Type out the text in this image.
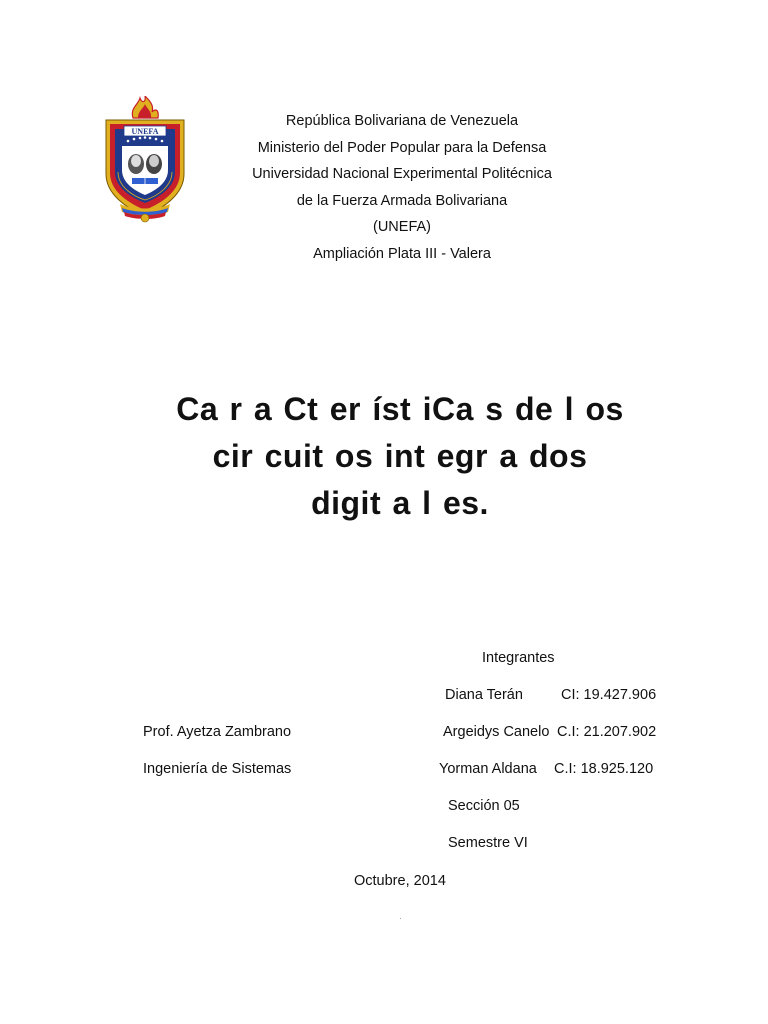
UNEFA
República Bolivariana de Venezuela
Ministerio del Poder Popular para la Defensa
Universidad Nacional Experimental Politécnica
de la Fuerza Armada Bolivariana
(UNEFA)
Ampliación Plata III - Valera
Ca r a Ct er íst iCa s de l os
cir cuit os int egr a dos
digit a l es.
Integrantes
Diana Terán	CI: 19.427.906
Prof. Ayetza Zambrano	Argeidys Canelo C.I: 21.207.902
Ingeniería de Sistemas	Yorman Aldana C.I: 18.925.120
Sección 05
Semestre VI
Octubre, 2014
·
